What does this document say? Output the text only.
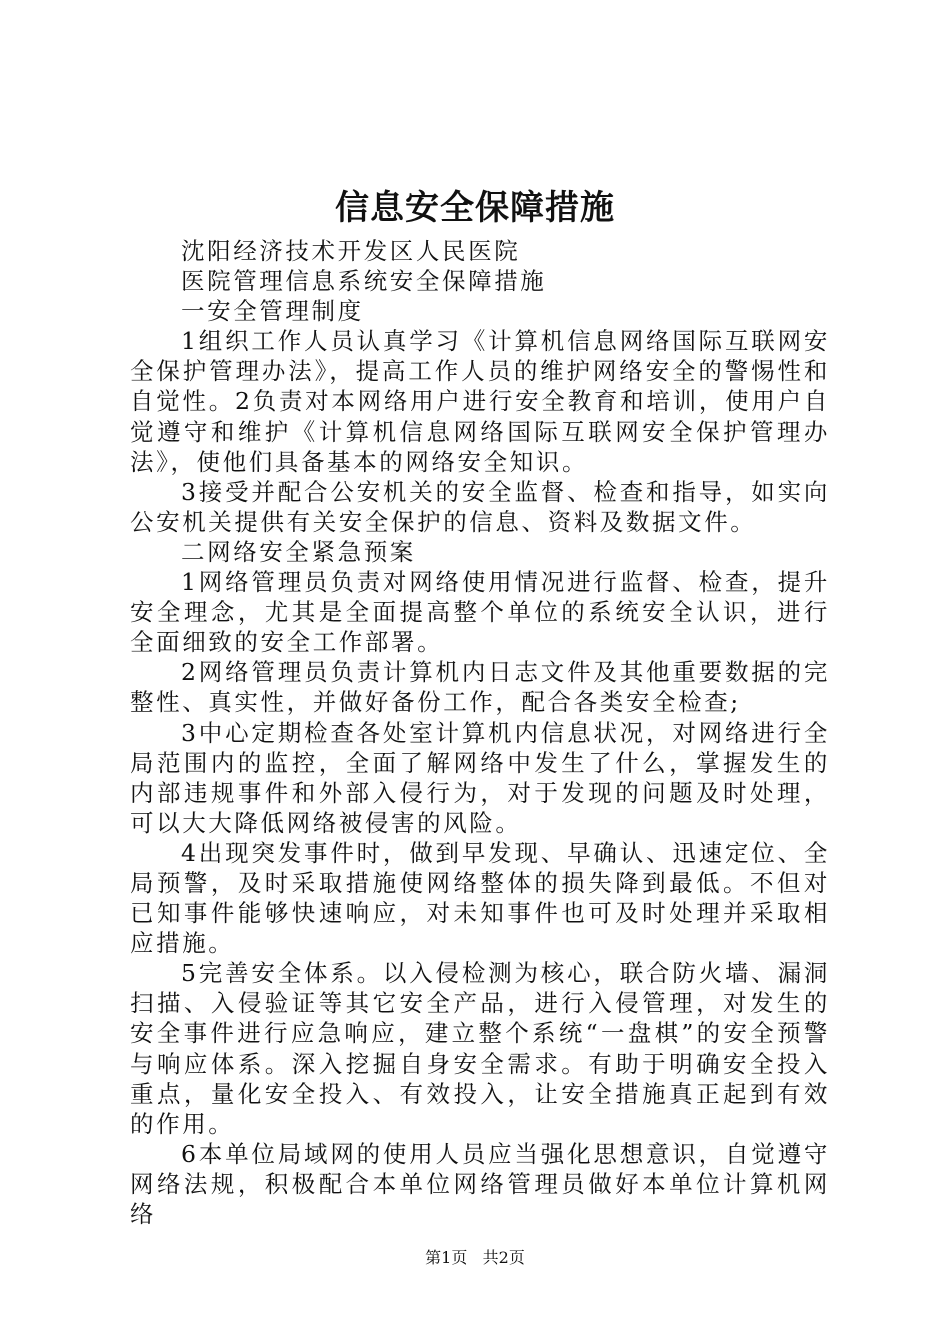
信息安全保障措施

沈阳经济技术开发区人民医院

医院管理信息系统安全保障措施

一安全管理制度

1组织工作人员认真学习《计算机信息网络国际互联网安全保护管理办法》，提高工作人员的维护网络安全的警惕性和自觉性。2负责对本网络用户进行安全教育和培训，使用户自觉遵守和维护《计算机信息网络国际互联网安全保护管理办法》，使他们具备基本的网络安全知识。

3接受并配合公安机关的安全监督、检查和指导，如实向公安机关提供有关安全保护的信息、资料及数据文件。

二网络安全紧急预案

1网络管理员负责对网络使用情况进行监督、检查，提升安全理念，尤其是全面提高整个单位的系统安全认识，进行全面细致的安全工作部署。

2网络管理员负责计算机内日志文件及其他重要数据的完整性、真实性，并做好备份工作，配合各类安全检查;

3中心定期检查各处室计算机内信息状况，对网络进行全局范围内的监控，全面了解网络中发生了什么，掌握发生的内部违规事件和外部入侵行为，对于发现的问题及时处理，可以大大降低网络被侵害的风险。

4出现突发事件时，做到早发现、早确认、迅速定位、全局预警，及时采取措施使网络整体的损失降到最低。不但对已知事件能够快速响应，对未知事件也可及时处理并采取相应措施。

5完善安全体系。以入侵检测为核心，联合防火墙、漏洞扫描、入侵验证等其它安全产品，进行入侵管理，对发生的安全事件进行应急响应，建立整个系统“一盘棋”的安全预警与响应体系。深入挖掘自身安全需求。有助于明确安全投入重点，量化安全投入、有效投入，让安全措施真正起到有效的作用。

6本单位局域网的使用人员应当强化思想意识，自觉遵守网络法规，积极配合本单位网络管理员做好本单位计算机网络

第1页 共2页
